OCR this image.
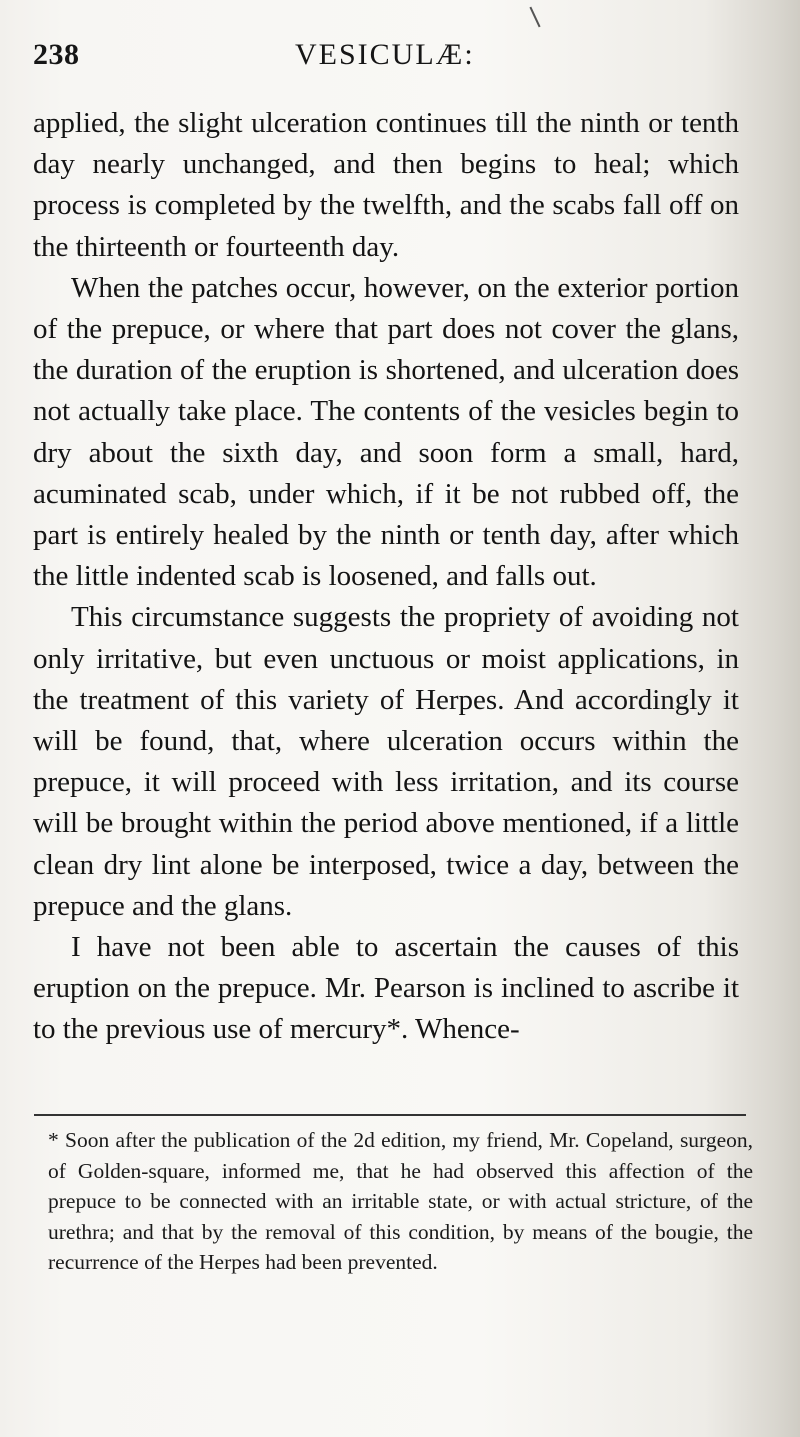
238	VESICULÆ:

applied, the slight ulceration continues till the ninth or tenth day nearly unchanged, and then begins to heal; which process is completed by the twelfth, and the scabs fall off on the thirteenth or fourteenth day.

When the patches occur, however, on the exterior portion of the prepuce, or where that part does not cover the glans, the duration of the eruption is shortened, and ulceration does not actually take place. The contents of the vesicles begin to dry about the sixth day, and soon form a small, hard, acuminated scab, under which, if it be not rubbed off, the part is entirely healed by the ninth or tenth day, after which the little indented scab is loosened, and falls out.

This circumstance suggests the propriety of avoiding not only irritative, but even unctuous or moist applications, in the treatment of this variety of Herpes. And accordingly it will be found, that, where ulceration occurs within the prepuce, it will proceed with less irritation, and its course will be brought within the period above mentioned, if a little clean dry lint alone be interposed, twice a day, between the prepuce and the glans.

I have not been able to ascertain the causes of this eruption on the prepuce. Mr. Pearson is inclined to ascribe it to the previous use of mercury*. Whence-

* Soon after the publication of the 2d edition, my friend, Mr. Copeland, surgeon, of Golden-square, informed me, that he had observed this affection of the prepuce to be connected with an irritable state, or with actual stricture, of the urethra; and that by the removal of this condition, by means of the bougie, the recurrence of the Herpes had been prevented.
